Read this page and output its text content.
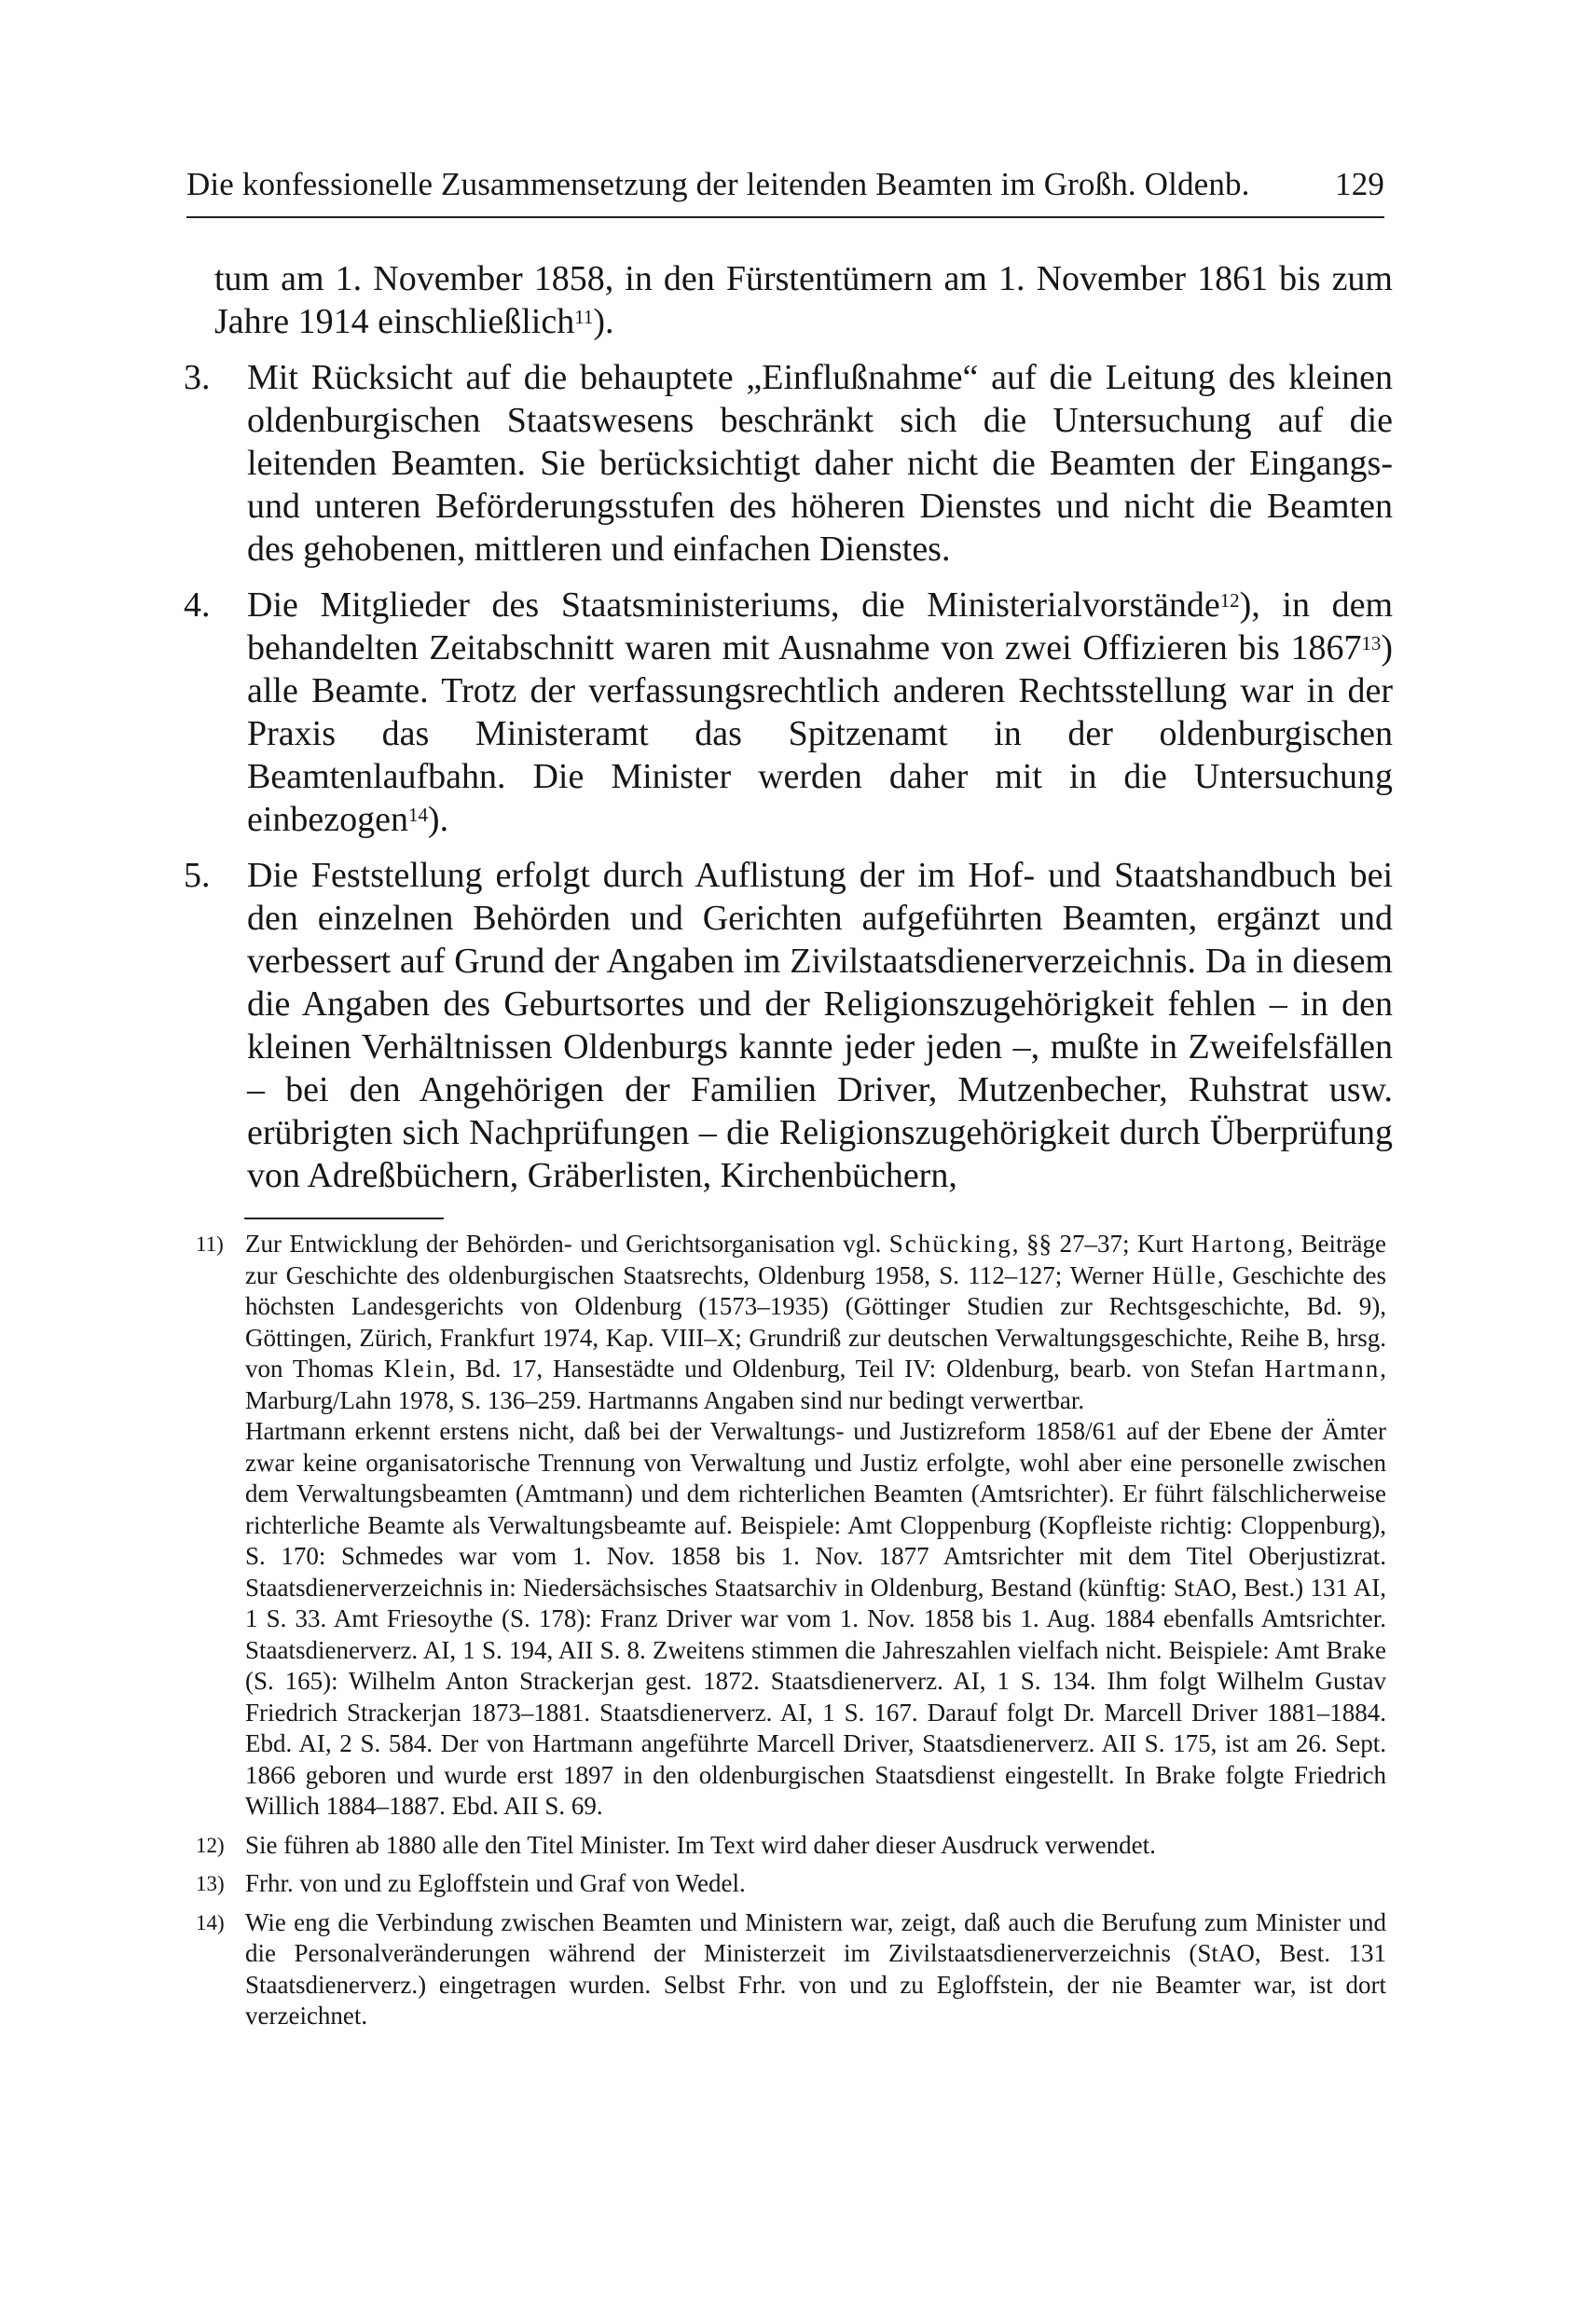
Die konfessionelle Zusammensetzung der leitenden Beamten im Großh. Oldenb.	129

tum am 1. November 1858, in den Fürstentümern am 1. November 1861 bis zum Jahre 1914 einschließlich$^{11}$).

3.	Mit Rücksicht auf die behauptete „Einflußnahme“ auf die Leitung des kleinen oldenburgischen Staatswesens beschränkt sich die Untersuchung auf die leitenden Beamten. Sie berücksichtigt daher nicht die Beamten der Eingangs- und unteren Beförderungsstufen des höheren Dienstes und nicht die Beamten des gehobenen, mittleren und einfachen Dienstes.

4.	Die Mitglieder des Staatsministeriums, die Ministerialvorstände$^{12}$), in dem behandelten Zeitabschnitt waren mit Ausnahme von zwei Offizieren bis 1867$^{13}$) alle Beamte. Trotz der verfassungsrechtlich anderen Rechtsstellung war in der Praxis das Ministeramt das Spitzenamt in der oldenburgischen Beamtenlaufbahn. Die Minister werden daher mit in die Untersuchung einbezogen$^{14}$).

5.	Die Feststellung erfolgt durch Auflistung der im Hof- und Staatshandbuch bei den einzelnen Behörden und Gerichten aufgeführten Beamten, ergänzt und verbessert auf Grund der Angaben im Zivilstaatsdienerverzeichnis. Da in diesem die Angaben des Geburtsortes und der Religionszugehörigkeit fehlen – in den kleinen Verhältnissen Oldenburgs kannte jeder jeden –, mußte in Zweifelsfällen – bei den Angehörigen der Familien Driver, Mutzenbecher, Ruhstrat usw. erübrigten sich Nachprüfungen – die Religionszugehörigkeit durch Überprüfung von Adreßbüchern, Gräberlisten, Kirchenbüchern,

11) Zur Entwicklung der Behörden- und Gerichtsorganisation vgl. Schücking, §§ 27–37; Kurt Hartong, Beiträge zur Geschichte des oldenburgischen Staatsrechts, Oldenburg 1958, S. 112–127; Werner Hülle, Geschichte des höchsten Landesgerichts von Oldenburg (1573–1935) (Göttinger Studien zur Rechtsgeschichte, Bd. 9), Göttingen, Zürich, Frankfurt 1974, Kap. VIII–X; Grundriß zur deutschen Verwaltungsgeschichte, Reihe B, hrsg. von Thomas Klein, Bd. 17, Hansestädte und Oldenburg, Teil IV: Oldenburg, bearb. von Stefan Hartmann, Marburg/Lahn 1978, S. 136–259. Hartmanns Angaben sind nur bedingt verwertbar.

Hartmann erkennt erstens nicht, daß bei der Verwaltungs- und Justizreform 1858/61 auf der Ebene der Ämter zwar keine organisatorische Trennung von Verwaltung und Justiz erfolgte, wohl aber eine personelle zwischen dem Verwaltungsbeamten (Amtmann) und dem richterlichen Beamten (Amtsrichter). Er führt fälschlicherweise richterliche Beamte als Verwaltungsbeamte auf. Beispiele: Amt Cloppenburg (Kopfleiste richtig: Cloppenburg), S. 170: Schmedes war vom 1. Nov. 1858 bis 1. Nov. 1877 Amtsrichter mit dem Titel Oberjustizrat. Staatsdienerverzeichnis in: Niedersächsisches Staatsarchiv in Oldenburg, Bestand (künftig: StAO, Best.) 131 AI, 1 S. 33. Amt Friesoythe (S. 178): Franz Driver war vom 1. Nov. 1858 bis 1. Aug. 1884 ebenfalls Amtsrichter. Staatsdienerverz. AI, 1 S. 194, AII S. 8. Zweitens stimmen die Jahreszahlen vielfach nicht. Beispiele: Amt Brake (S. 165): Wilhelm Anton Strackerjan gest. 1872. Staatsdienerverz. AI, 1 S. 134. Ihm folgt Wilhelm Gustav Friedrich Strackerjan 1873–1881. Staatsdienerverz. AI, 1 S. 167. Darauf folgt Dr. Marcell Driver 1881–1884. Ebd. AI, 2 S. 584. Der von Hartmann angeführte Marcell Driver, Staatsdienerverz. AII S. 175, ist am 26. Sept. 1866 geboren und wurde erst 1897 in den oldenburgischen Staatsdienst eingestellt. In Brake folgte Friedrich Willich 1884–1887. Ebd. AII S. 69.

12) Sie führen ab 1880 alle den Titel Minister. Im Text wird daher dieser Ausdruck verwendet.

13) Frhr. von und zu Egloffstein und Graf von Wedel.

14) Wie eng die Verbindung zwischen Beamten und Ministern war, zeigt, daß auch die Berufung zum Minister und die Personalveränderungen während der Ministerzeit im Zivilstaatsdienerverzeichnis (StAO, Best. 131 Staatsdienerverz.) eingetragen wurden. Selbst Frhr. von und zu Egloffstein, der nie Beamter war, ist dort verzeichnet.
